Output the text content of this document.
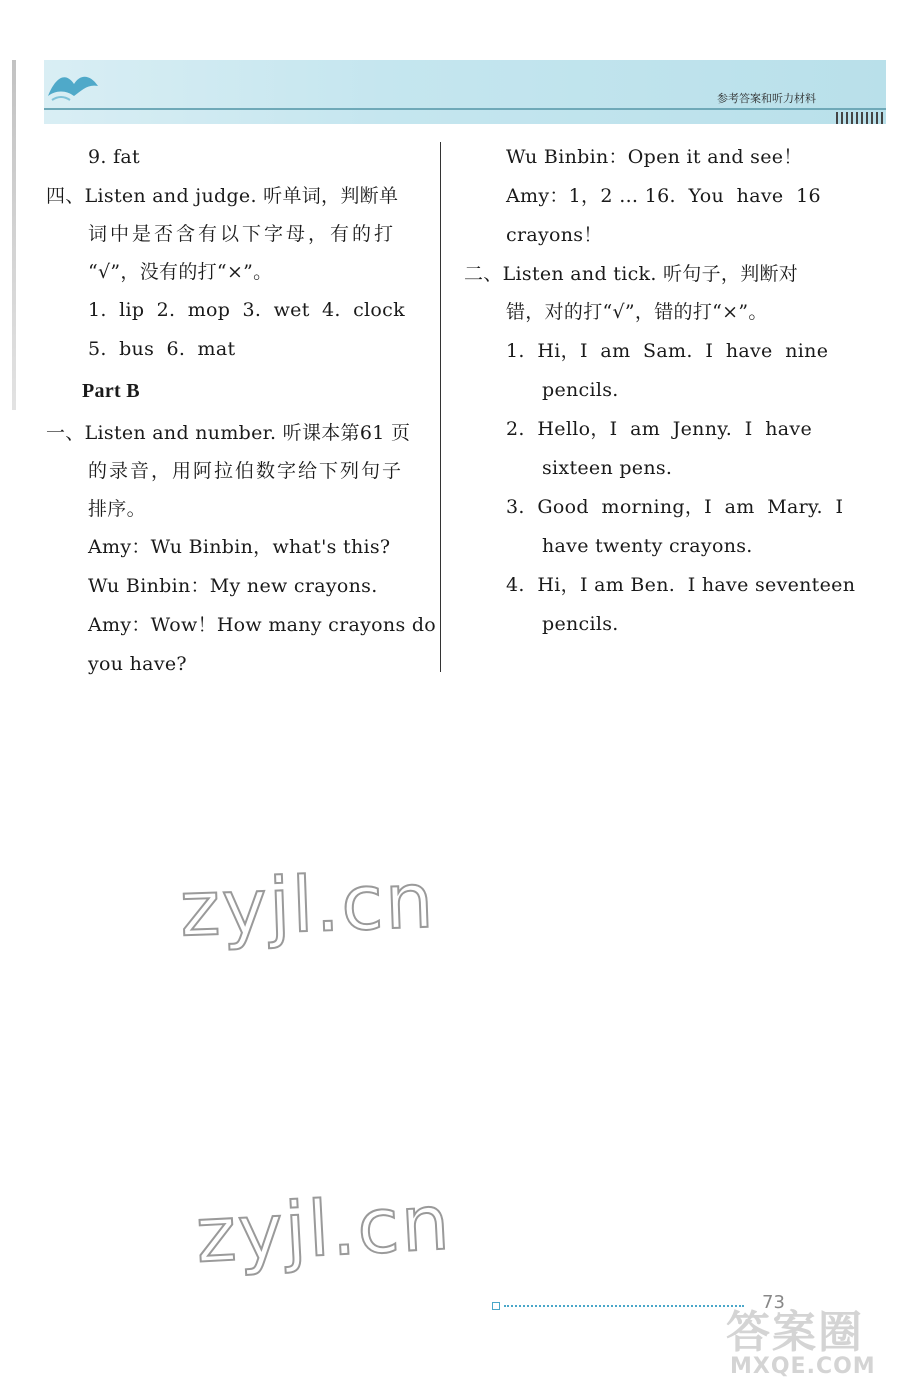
参考答案和听力材料
9. fat
四、Listen and judge. 听单词，判断单
词中是否含有以下字母，有的打
“√”，没有的打“×”。
1. lip 2. mop 3. wet 4. clock
5. bus 6. mat
Part B
一、Listen and number. 听课本第61 页
的录音，用阿拉伯数字给下列句子
排序。
Amy：Wu Binbin，what's this?
Wu Binbin：My new crayons.
Amy：Wow！How many crayons do
you have?
Wu Binbin：Open it and see！
Amy：1，2 … 16.  You  have  16
crayons！
二、Listen and tick. 听句子，判断对
错，对的打“√”，错的打“×”。
1.  Hi，I  am  Sam.  I  have  nine
pencils.
2.  Hello，I  am  Jenny.  I  have
sixteen pens.
3.  Good  morning，I  am  Mary.  I
have twenty crayons.
4.  Hi，I am Ben.  I have seventeen
pencils.
zyjl.cn
zyjl.cn
73
答案圈
MXQE.COM
